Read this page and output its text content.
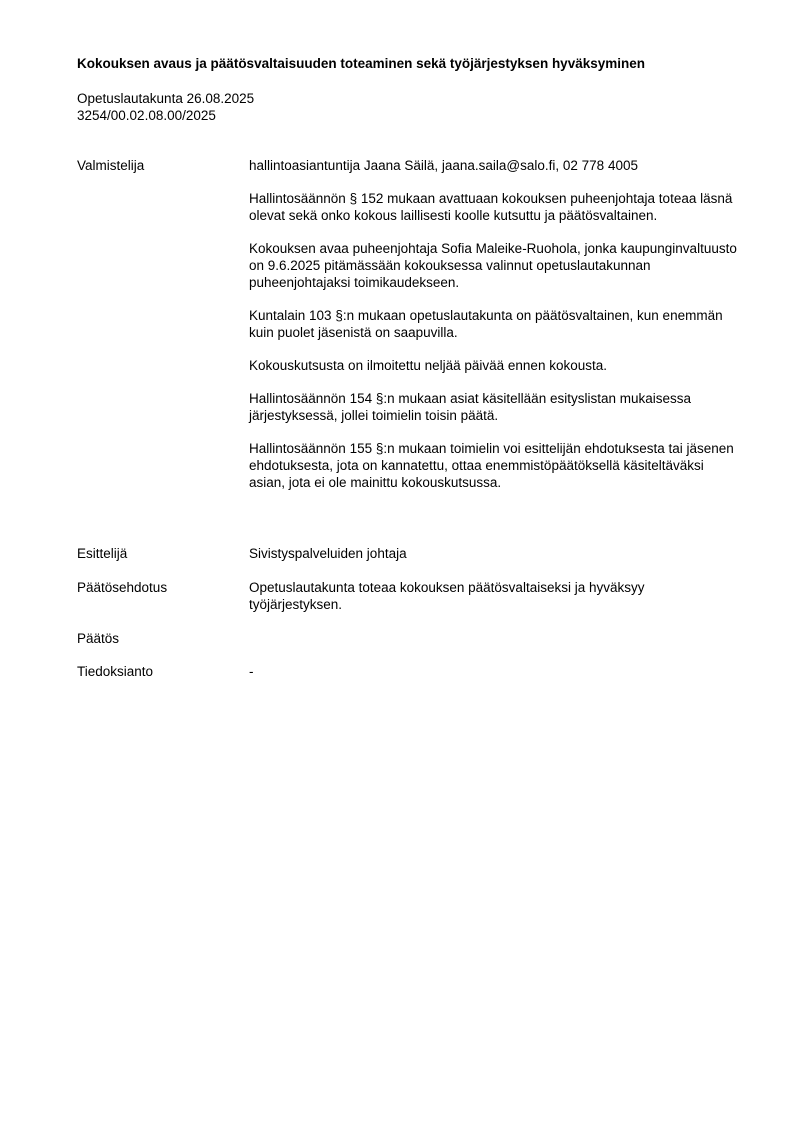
Kokouksen avaus ja päätösvaltaisuuden toteaminen sekä työjärjestyksen hyväksyminen
Opetuslautakunta 26.08.2025
3254/00.02.08.00/2025
Valmistelija	hallintoasiantuntija Jaana Säilä, jaana.saila@salo.fi, 02 778 4005

Hallintosäännön § 152 mukaan avattuaan kokouksen puheenjohtaja toteaa läsnä olevat sekä onko kokous laillisesti koolle kutsuttu ja päätösvaltainen.

Kokouksen avaa puheenjohtaja Sofia Maleike-Ruohola, jonka kaupunginvaltuusto on 9.6.2025 pitämässään kokouksessa valinnut opetuslautakunnan puheenjohtajaksi toimikaudekseen.

Kuntalain 103 §:n mukaan opetuslautakunta on päätösvaltainen, kun enemmän kuin puolet jäsenistä on saapuvilla.

Kokouskutsusta on ilmoitettu neljää päivää ennen kokousta.

Hallintosäännön 154 §:n mukaan asiat käsitellään esityslistan mukaisessa järjestyksessä, jollei toimielin toisin päätä.

Hallintosäännön 155 §:n mukaan toimielin voi esittelijän ehdotuksesta tai jäsenen ehdotuksesta, jota on kannatettu, ottaa enemmistöpäätöksellä käsiteltäväksi asian, jota ei ole mainittu kokouskutsussa.

Esittelijä	Sivistyspalveluiden johtaja
Päätösehdotus	Opetuslautakunta toteaa kokouksen päätösvaltaiseksi ja hyväksyy työjärjestyksen.
Päätös
Tiedoksianto	-
